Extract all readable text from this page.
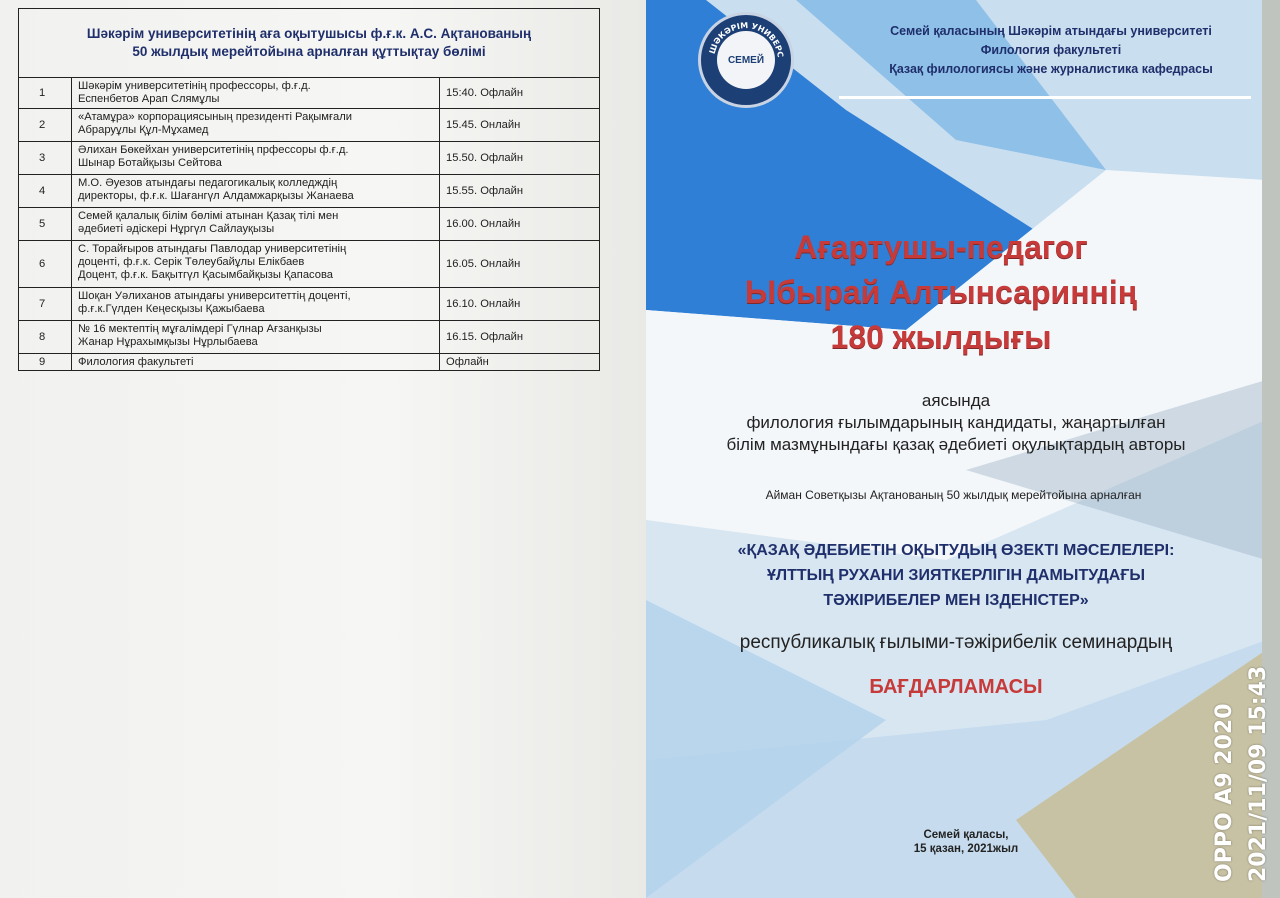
Шәкәрім университетінің аға оқытушысы ф.ғ.к. А.С. Ақтанованың
50 жылдық мерейтойына арналған құттықтау бөлімі
1
Шәкәрім университетінің профессоры, ф.ғ.д.
Еспенбетов Арап Слямұлы	15:40. Офлайн
2
«Атамұра» корпорациясының президенті Рақымғали
Абраруұлы Құл-Мұхамед	15.45. Онлайн
3
Әлихан Бөкейхан университетінің прфессоры ф.ғ.д.
Шынар Ботайқызы Сейтова	15.50. Офлайн
4
М.О. Әуезов атындағы педагогикалық колледждің
директоры, ф.ғ.к. Шағангүл Алдамжарқызы Жанаева	15.55. Офлайн
5
Семей қалалық білім бөлімі атынан Қазақ тілі мен
әдебиеті әдіскері Нұргүл Сайлауқызы	16.00. Онлайн
6
С. Торайғыров атындағы Павлодар университетінің
доценті, ф.ғ.к. Серік Төлеубайұлы Елікбаев
Доцент, ф.ғ.к. Бақытгүл Қасымбайқызы Қапасова
16.05. Онлайн
7
Шоқан Уәлиханов атындағы университеттің доценті,
ф.ғ.к.Гүлден Кеңесқызы Қажыбаева	16.10. Онлайн
8
№ 16 мектептің мұғалімдері Гүлнар Ағзанқызы
Жанар Нұрахымқызы Нұрлыбаева	16.15. Офлайн
9	Филология факультеті	Офлайн
ШӘКӘРІМ УНИВЕРС
СЕМЕЙ
Семей қаласының Шәкәрім атындағы университеті
Филология факультеті
Қазақ филологиясы және журналистика кафедрасы
Ағартушы-педагог
Ыбырай Алтынсариннің
180 жылдығы
аясында
филология ғылымдарының кандидаты, жаңартылған
білім мазмұнындағы қазақ әдебиеті оқулықтардың авторы
Айман Советқызы Ақтанованың 50 жылдық мерейтойына арналған
«ҚАЗАҚ ӘДЕБИЕТІН ОҚЫТУДЫҢ ӨЗЕКТІ МӘСЕЛЕЛЕРІ:
ҰЛТТЫҢ РУХАНИ ЗИЯТКЕРЛІГІН ДАМЫТУДАҒЫ
ТӘЖІРИБЕЛЕР МЕН ІЗДЕНІСТЕР»
республикалық ғылыми-тәжірибелік семинардың
БАҒДАРЛАМАСЫ
Семей қаласы,
15 қазан, 2021жыл	OPPO A9 2020 2021/11/09 15:43
